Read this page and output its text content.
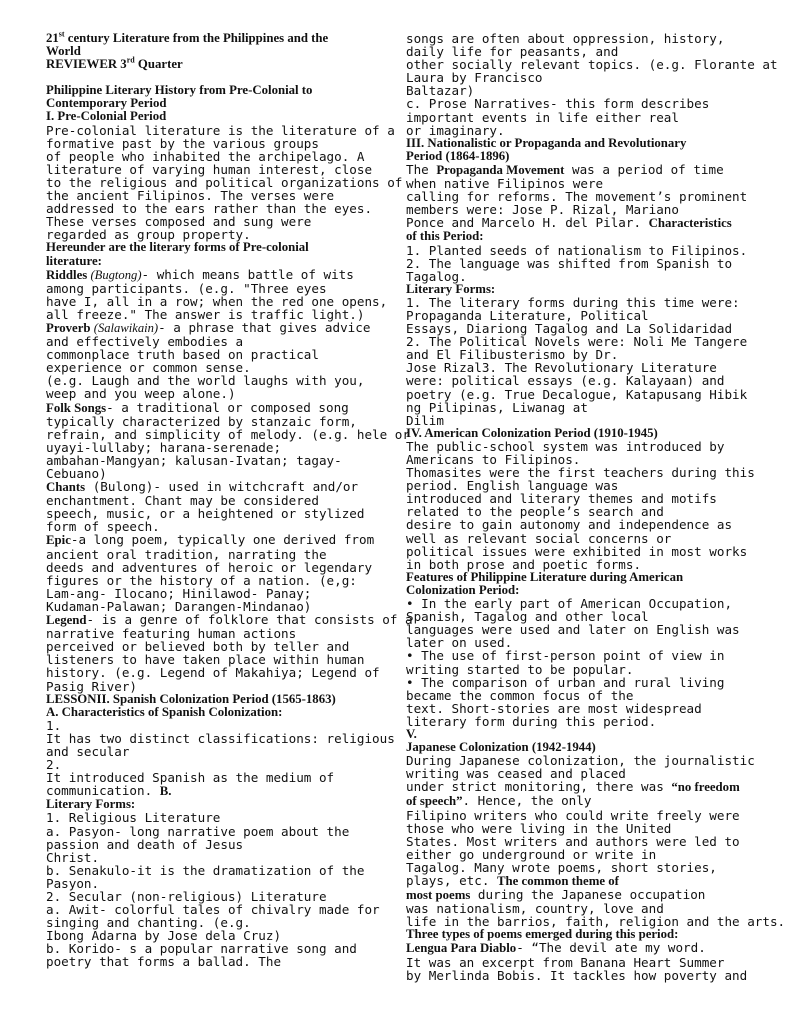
21st century Literature from the Philippines and the
World
REVIEWER 3rd Quarter
Philippine Literary History from Pre-Colonial to
Contemporary Period
I. Pre-Colonial Period
Pre-colonial literature is the literature of a
formative past by the various groups
of people who inhabited the archipelago. A
literature of varying human interest, close
to the religious and political organizations of
the ancient Filipinos. The verses were
addressed to the ears rather than the eyes.
These verses composed and sung were
regarded as group property.
Hereunder are the literary forms of Pre-colonial
literature:
Riddles (Bugtong)- which means battle of wits
among participants. (e.g. "Three eyes
have I, all in a row; when the red one opens,
all freeze." The answer is traffic light.)
Proverb (Salawikain)- a phrase that gives advice
and effectively embodies a
commonplace truth based on practical
experience or common sense.
(e.g. Laugh and the world laughs with you,
weep and you weep alone.)
Folk Songs- a traditional or composed song
typically characterized by stanzaic form,
refrain, and simplicity of melody. (e.g. hele or
uyayi-lullaby; harana-serenade;
ambahan-Mangyan; kalusan-Ivatan; tagay-
Cebuano)
Chants (Bulong)- used in witchcraft and/or
enchantment. Chant may be considered
speech, music, or a heightened or stylized
form of speech.
Epic-a long poem, typically one derived from
ancient oral tradition, narrating the
deeds and adventures of heroic or legendary
figures or the history of a nation. (e,g:
Lam-ang- Ilocano; Hinilawod- Panay;
Kudaman-Palawan; Darangen-Mindanao)
Legend- is a genre of folklore that consists of a
narrative featuring human actions
perceived or believed both by teller and
listeners to have taken place within human
history. (e.g. Legend of Makahiya; Legend of
Pasig River)
LESSONII. Spanish Colonization Period (1565-1863)
A. Characteristics of Spanish Colonization:
1.
It has two distinct classifications: religious
and secular
2.
It introduced Spanish as the medium of
communication. B.
Literary Forms:
1. Religious Literature
a. Pasyon- long narrative poem about the
passion and death of Jesus
Christ.
b. Senakulo-it is the dramatization of the
Pasyon.
2. Secular (non-religious) Literature
a. Awit- colorful tales of chivalry made for
singing and chanting. (e.g.
Ibong Adarna by Jose dela Cruz)
b. Korido- s a popular narrative song and
poetry that forms a ballad. The
songs are often about oppression, history,
daily life for peasants, and
other socially relevant topics. (e.g. Florante at
Laura by Francisco
Baltazar)
c. Prose Narratives- this form describes
important events in life either real
or imaginary.
III. Nationalistic or Propaganda and Revolutionary
Period (1864-1896)
The Propaganda Movement was a period of time
when native Filipinos were
calling for reforms. The movement’s prominent
members were: Jose P. Rizal, Mariano
Ponce and Marcelo H. del Pilar. Characteristics
of this Period:
1. Planted seeds of nationalism to Filipinos.
2. The language was shifted from Spanish to
Tagalog.
Literary Forms:
1. The literary forms during this time were:
Propaganda Literature, Political
Essays, Diariong Tagalog and La Solidaridad
2. The Political Novels were: Noli Me Tangere
and El Filibusterismo by Dr.
Jose Rizal3. The Revolutionary Literature
were: political essays (e.g. Kalayaan) and
poetry (e.g. True Decalogue, Katapusang Hibik
ng Pilipinas, Liwanag at
Dilim
IV. American Colonization Period (1910-1945)
The public-school system was introduced by
Americans to Filipinos.
Thomasites were the first teachers during this
period. English language was
introduced and literary themes and motifs
related to the people’s search and
desire to gain autonomy and independence as
well as relevant social concerns or
political issues were exhibited in most works
in both prose and poetic forms.
Features of Philippine Literature during American
Colonization Period:
• In the early part of American Occupation,
Spanish, Tagalog and other local
languages were used and later on English was
later on used.
• The use of first-person point of view in
writing started to be popular.
• The comparison of urban and rural living
became the common focus of the
text. Short-stories are most widespread
literary form during this period.
V.
Japanese Colonization (1942-1944)
During Japanese colonization, the journalistic
writing was ceased and placed
under strict monitoring, there was “no freedom
of speech”. Hence, the only
Filipino writers who could write freely were
those who were living in the United
States. Most writers and authors were led to
either go underground or write in
Tagalog. Many wrote poems, short stories,
plays, etc. The common theme of
most poems during the Japanese occupation
was nationalism, country, love and
life in the barrios, faith, religion and the arts.
Three types of poems emerged during this period:
Lengua Para Diablo- “The devil ate my word.
It was an excerpt from Banana Heart Summer
by Merlinda Bobis. It tackles how poverty and
